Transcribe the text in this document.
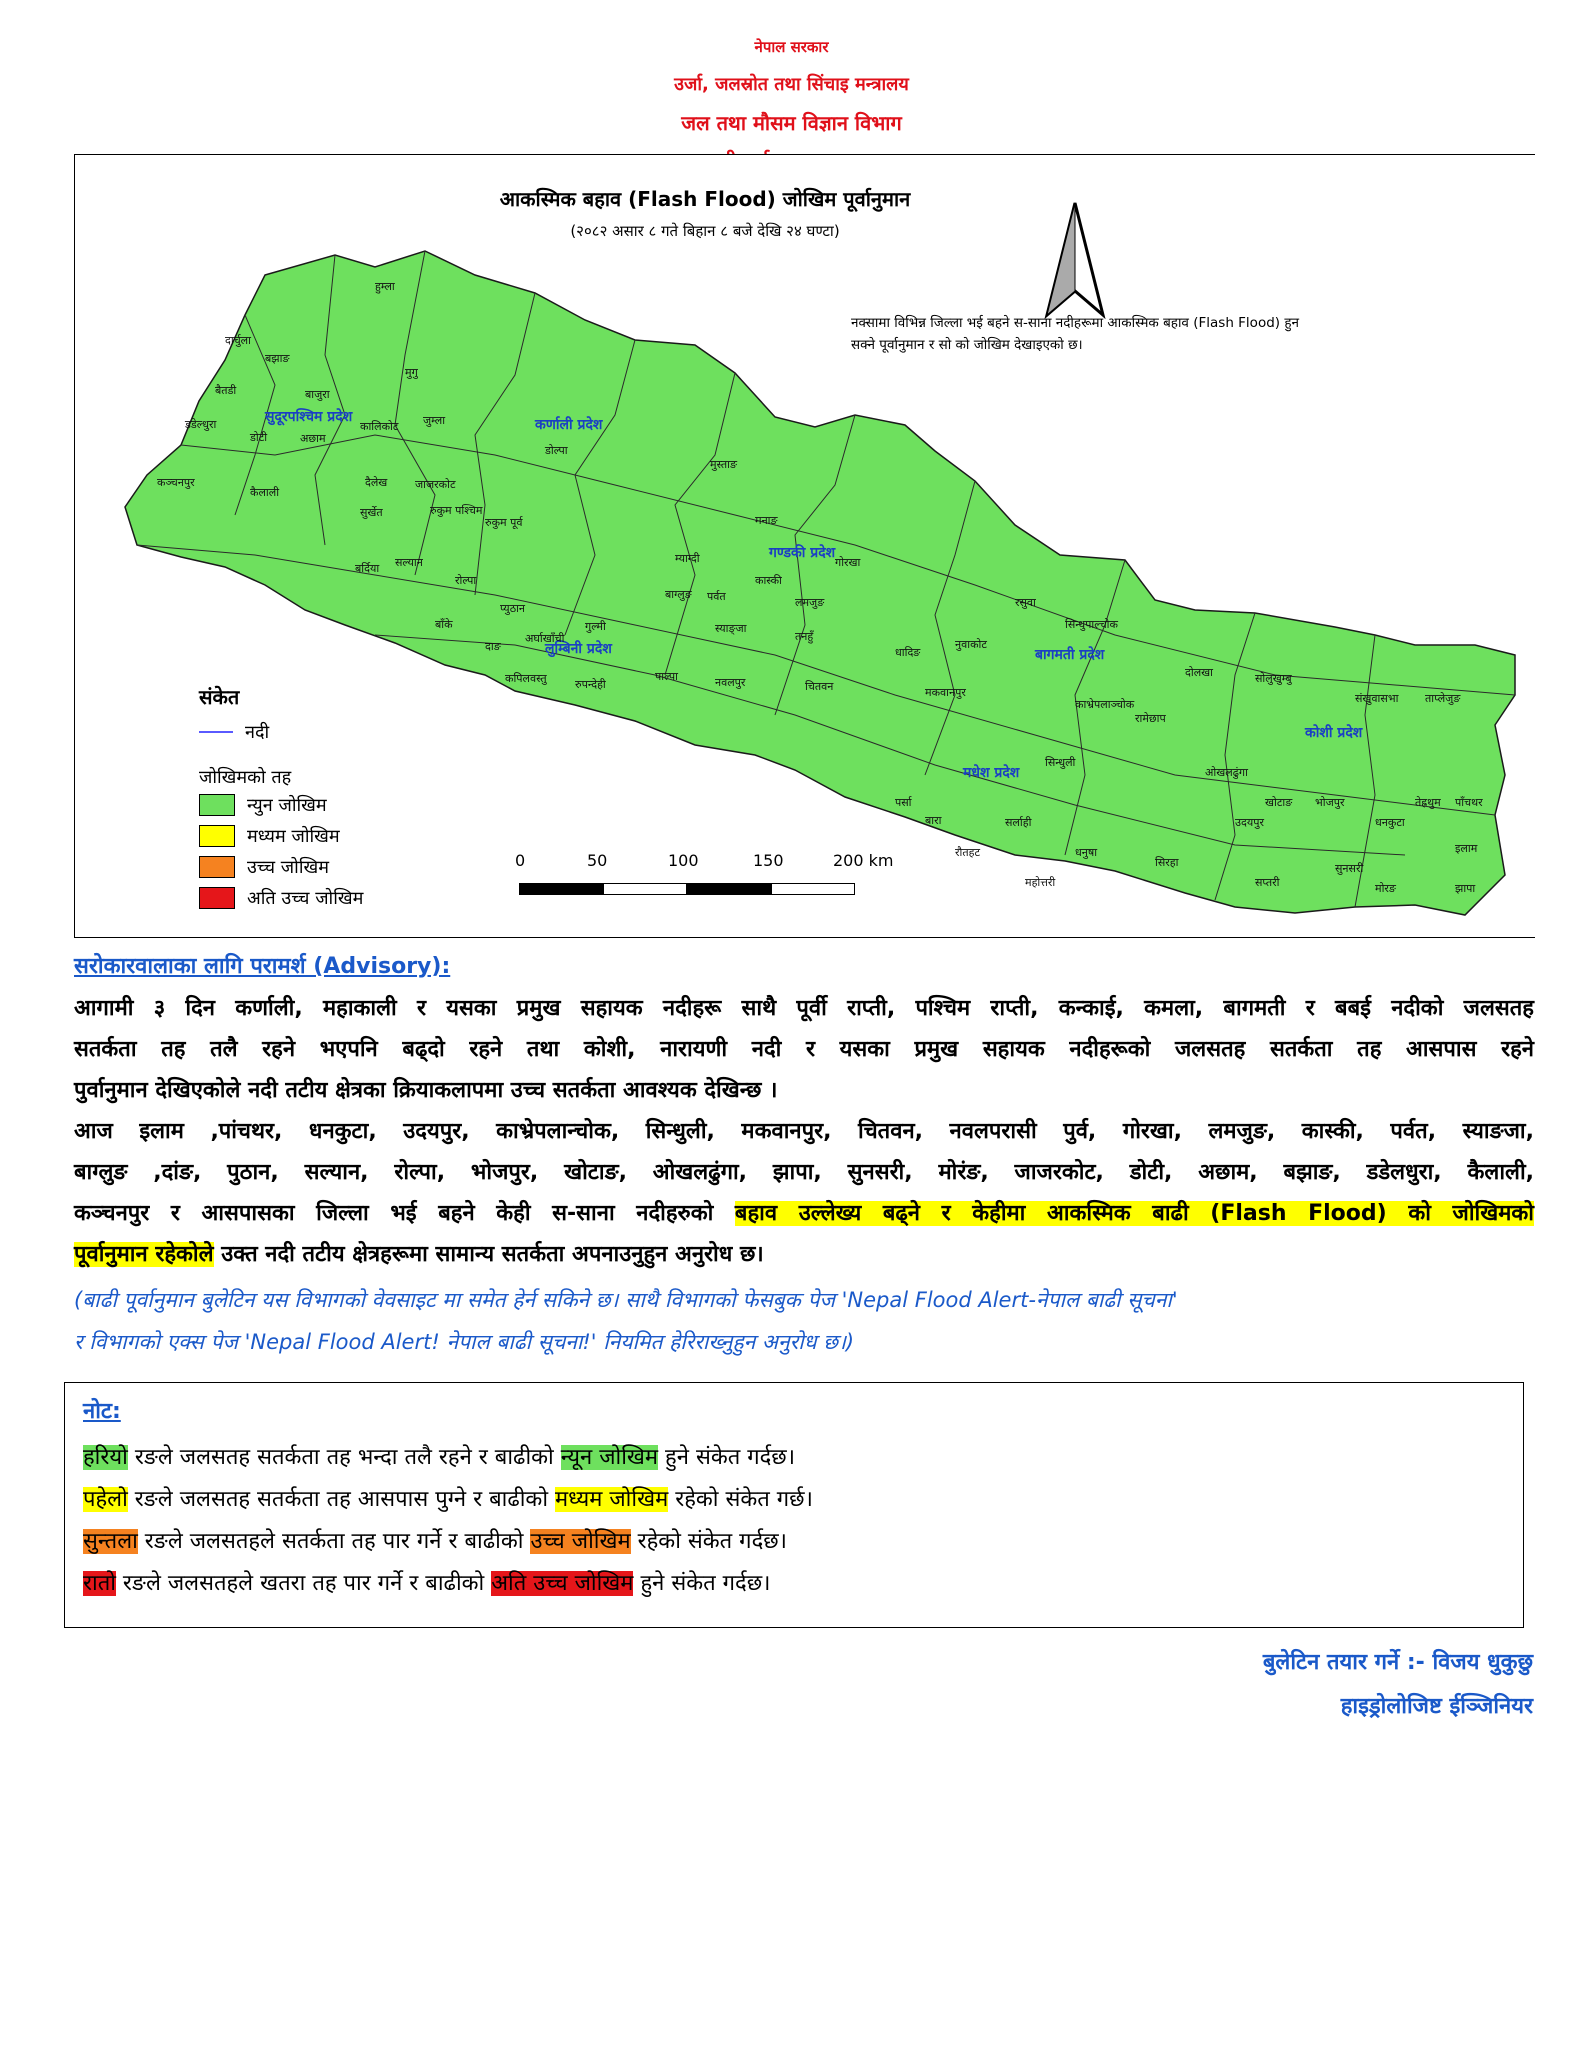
नेपाल सरकार
उर्जा, जलस्रोत तथा सिंचाइ मन्त्रालय
जल तथा मौसम विज्ञान विभाग
आकस्मिक बहाव (Flash Flood) जोखिम पूर्वानुमान
(२०८२ असार ८ गते बिहान ८ बजे देखि २४ घण्टा)
नक्सामा विभिन्न जिल्ला भई बहने स-साना नदीहरूमा आकस्मिक बहाव (Flash Flood) हुन सक्ने पूर्वानुमान र सो को जोखिम देखाइएको छ।
सुदूरपश्चिम प्रदेश	कर्णाली प्रदेश
गण्डकी प्रदेश
लुम्बिनी प्रदेश	बागमती प्रदेश
मधेश प्रदेश
कोशी प्रदेश
दार्चुला
बझाङ
बैतडी	बाजुरा
हुम्ला
मुगु
डडेल्धुरा
डोटी	अछाम
कालिकोट जुम्ला
डोल्पा
कञ्चनपुर
कैलाली
दैलेख
सुर्खेत
जाजरकोट
रुकुम पश्चिम
रुकुम पूर्व
बर्दिया सल्यान
रोल्पा
बाँके
दाङ
प्युठान
अर्घाखाँची
गुल्मी
कपिलवस्तु	रुपन्देही
पाल्पा
म्याग्दी
मुस्ताङ
मनाङ
कास्की
लमजुङ
गोरखा
बाग्लुङ पर्वत
स्याङ्जा
तनहुँ
नवलपुर	चितवन
धादिङ
नुवाकोट
रसुवा
सिन्धुपाल्चोक
काभ्रेपलाञ्चोक
दोलखा
रामेछाप
मकवानपुर
सिन्धुली
ओखलढुंगा
सोलुखुम्बु
खोटाङ भोजपुर
संखुवासभा ताप्लेजुङ
तेह्रथुम पाँचथर
इलाम
धनकुटा
उदयपुर
सप्तरी
सिरहा
धनुषा
महोत्तरी
सर्लाही
रौतहट
बारा
पर्सा
झापा
मोरङ
सुनसरी
संकेत
नदी
जोखिमको तह
न्युन जोखिम
मध्यम जोखिम
उच्च जोखिम
अति उच्च जोखिम
0	50	100	150	200 km
सरोकारवालाका लागि परामर्श (Advisory):
आगामी ३ दिन कर्णाली, महाकाली र यसका प्रमुख सहायक नदीहरू साथै पूर्वी राप्ती, पश्चिम राप्ती, कन्काई, कमला, बागमती र बबई नदीको जलसतह
सतर्कता तह तलै रहने भएपनि बढ्दो रहने तथा कोशी, नारायणी नदी र यसका प्रमुख सहायक नदीहरूको जलसतह सतर्कता तह आसपास रहने
पुर्वानुमान देखिएकोले नदी तटीय क्षेत्रका क्रियाकलापमा उच्च सतर्कता आवश्यक देखिन्छ ।
आज इलाम ,पांचथर, धनकुटा, उदयपुर, काभ्रेपलान्चोक, सिन्धुली, मकवानपुर, चितवन, नवलपरासी पुर्व, गोरखा, लमजुङ, कास्की, पर्वत, स्याङजा,
बाग्लुङ ,दांङ, पुठान, सल्यान, रोल्पा, भोजपुर, खोटाङ, ओखलढुंगा, झापा, सुनसरी, मोरंङ, जाजरकोट, डोटी, अछाम, बझाङ, डडेलधुरा, कैलाली,
कञ्चनपुर र आसपासका जिल्ला भई बहने केही स-साना नदीहरुको बहाव उल्लेख्य बढ्ने र केहीमा आकस्मिक बाढी (Flash Flood) को जोखिमको
पूर्वानुमान रहेकोले उक्त नदी तटीय क्षेत्रहरूमा सामान्य सतर्कता अपनाउनुहुन अनुरोध छ।
(बाढी पूर्वानुमान बुलेटिन यस विभागको वेवसाइट मा समेत हेर्न सकिने छ। साथै विभागको फेसबुक पेज 'Nepal Flood Alert-नेपाल बाढी सूचना'
र विभागको एक्स पेज 'Nepal Flood Alert! नेपाल बाढी सूचना!' नियमित हेरिराख्नुहुन अनुरोध छ।)
नोट:
हरियो रङले जलसतह सतर्कता तह भन्दा तलै रहने र बाढीको न्यून जोखिम हुने संकेत गर्दछ।
पहेलो रङले जलसतह सतर्कता तह आसपास पुग्ने र बाढीको मध्यम जोखिम रहेको संकेत गर्छ।
सुन्तला रङले जलसतहले सतर्कता तह पार गर्ने र बाढीको उच्च जोखिम रहेको संकेत गर्दछ।
रातो रङले जलसतहले खतरा तह पार गर्ने र बाढीको अति उच्च जोखिम हुने संकेत गर्दछ।
बुलेटिन तयार गर्ने :- विजय धुकुछु
हाइड्रोलोजिष्ट ईञ्जिनियर
